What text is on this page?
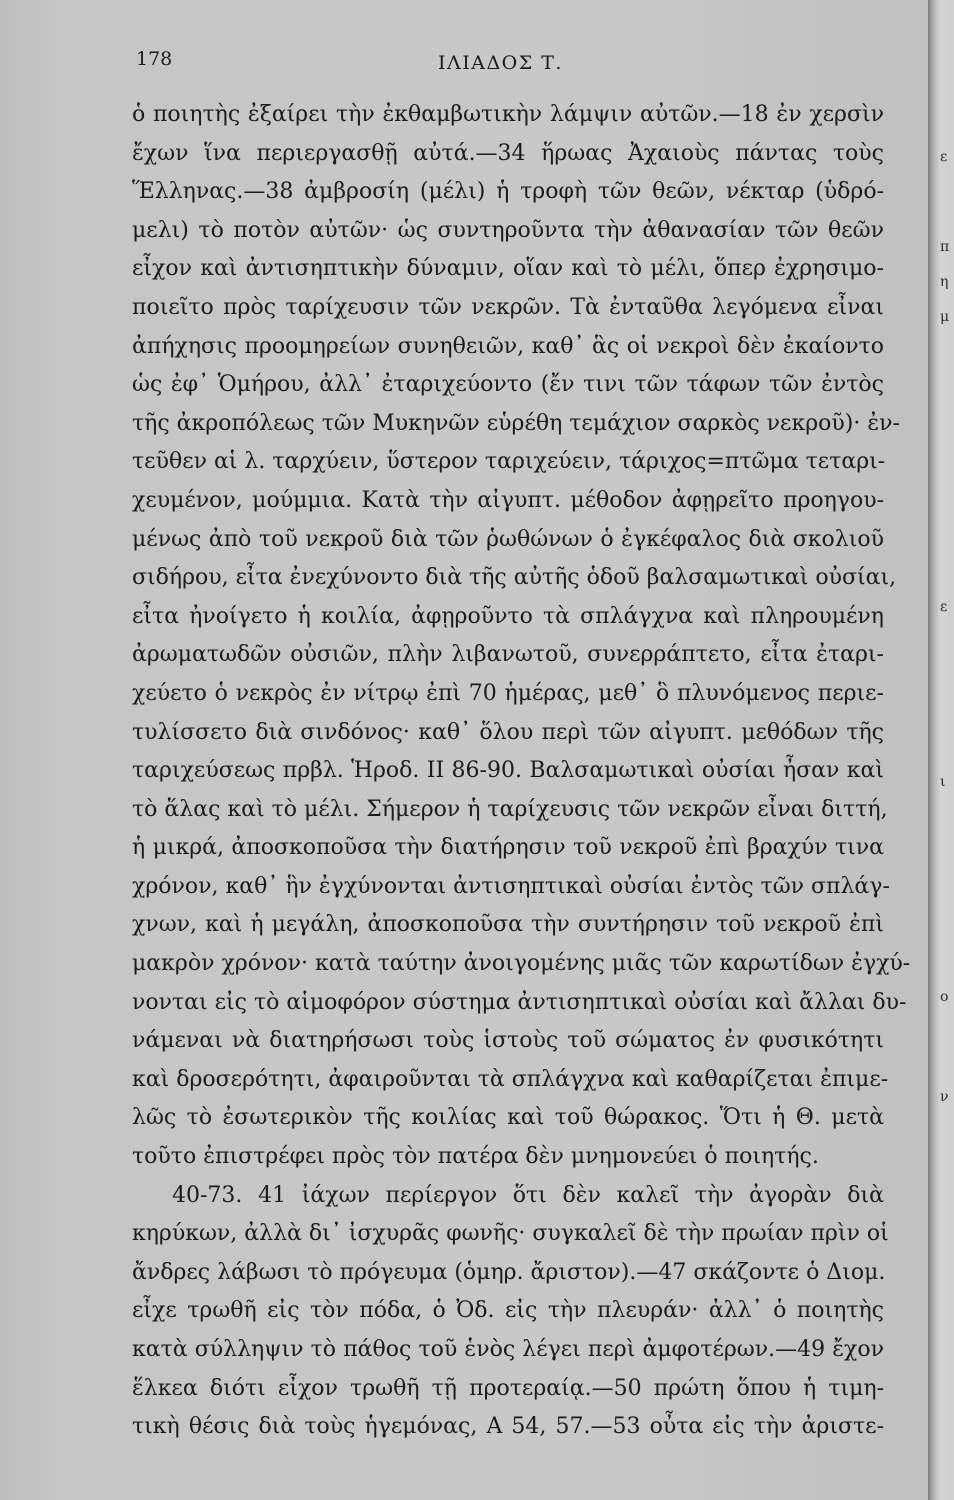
178	ΙΛΙΑΔΟΣ Τ.
ὁ ποιητὴς ἐξαίρει τὴν ἐκθαμβωτικὴν λάμψιν αὐτῶν.—18 ἐν χερσὶν
ἔχων ἵνα περιεργασθῇ αὐτά.—34 ἥρωας Ἀχαιοὺς πάντας τοὺς
Ἕλληνας.—38 ἀμβροσίη (μέλι) ἡ τροφὴ τῶν θεῶν, νέκταρ (ὑδρό-
μελι) τὸ ποτὸν αὐτῶν· ὡς συντηροῦντα τὴν ἀθανασίαν τῶν θεῶν
εἶχον καὶ ἀντισηπτικὴν δύναμιν, οἵαν καὶ τὸ μέλι, ὅπερ ἐχρησιμο-
ποιεῖτο πρὸς ταρίχευσιν τῶν νεκρῶν. Τὰ ἐνταῦθα λεγόμενα εἶναι
ἀπήχησις προομηρείων συνηθειῶν, καθ᾽ ἃς οἱ νεκροὶ δὲν ἐκαίοντο
ὡς ἐφ᾽ Ὁμήρου, ἀλλ᾽ ἐταριχεύοντο (ἔν τινι τῶν τάφων τῶν ἐντὸς
τῆς ἀκροπόλεως τῶν Μυκηνῶν εὑρέθη τεμάχιον σαρκὸς νεκροῦ)· ἐν-
τεῦθεν αἱ λ. ταρχύειν, ὕστερον ταριχεύειν, τάριχος=πτῶμα τεταρι-
χευμένον, μούμμια. Κατὰ τὴν αἰγυπτ. μέθοδον ἀφῃρεῖτο προηγου-
μένως ἀπὸ τοῦ νεκροῦ διὰ τῶν ῥωθώνων ὁ ἐγκέφαλος διὰ σκολιοῦ
σιδήρου, εἶτα ἐνεχύνοντο διὰ τῆς αὐτῆς ὁδοῦ βαλσαμωτικαὶ οὐσίαι,
εἶτα ἠνοίγετο ἡ κοιλία, ἀφῃροῦντο τὰ σπλάγχνα καὶ πληρουμένη
ἀρωματωδῶν οὐσιῶν, πλὴν λιβανωτοῦ, συνερράπτετο, εἶτα ἐταρι-
χεύετο ὁ νεκρὸς ἐν νίτρῳ ἐπὶ 70 ἡμέρας, μεθ᾽ ὃ πλυνόμενος περιε-
τυλίσσετο διὰ σινδόνος· καθ᾽ ὅλου περὶ τῶν αἰγυπτ. μεθόδων τῆς
ταριχεύσεως πρβλ. Ἡροδ. II 86-90. Βαλσαμωτικαὶ οὐσίαι ἦσαν καὶ
τὸ ἅλας καὶ τὸ μέλι. Σήμερον ἡ ταρίχευσις τῶν νεκρῶν εἶναι διττή,
ἡ μικρά, ἀποσκοποῦσα τὴν διατήρησιν τοῦ νεκροῦ ἐπὶ βραχύν τινα
χρόνον, καθ᾽ ἣν ἐγχύνονται ἀντισηπτικαὶ οὐσίαι ἐντὸς τῶν σπλάγ-
χνων, καὶ ἡ μεγάλη, ἀποσκοποῦσα τὴν συντήρησιν τοῦ νεκροῦ ἐπὶ
μακρὸν χρόνον· κατὰ ταύτην ἀνοιγομένης μιᾶς τῶν καρωτίδων ἐγχύ-
νονται εἰς τὸ αἱμοφόρον σύστημα ἀντισηπτικαὶ οὐσίαι καὶ ἄλλαι δυ-
νάμεναι νὰ διατηρήσωσι τοὺς ἱστοὺς τοῦ σώματος ἐν φυσικότητι
καὶ δροσερότητι, ἀφαιροῦνται τὰ σπλάγχνα καὶ καθαρίζεται ἐπιμε-
λῶς τὸ ἐσωτερικὸν τῆς κοιλίας καὶ τοῦ θώρακος. Ὅτι ἡ Θ. μετὰ
τοῦτο ἐπιστρέφει πρὸς τὸν πατέρα δὲν μνημονεύει ὁ ποιητής.
40-73. 41 ἰάχων περίεργον ὅτι δὲν καλεῖ τὴν ἀγορὰν διὰ
κηρύκων, ἀλλὰ δι᾽ ἰσχυρᾶς φωνῆς· συγκαλεῖ δὲ τὴν πρωίαν πρὶν οἱ
ἄνδρες λάβωσι τὸ πρόγευμα (ὁμηρ. ἄριστον).—47 σκάζοντε ὁ Διομ.
εἶχε τρωθῆ εἰς τὸν πόδα, ὁ Ὀδ. εἰς τὴν πλευράν· ἀλλ᾽ ὁ ποιητὴς
κατὰ σύλληψιν τὸ πάθος τοῦ ἑνὸς λέγει περὶ ἀμφοτέρων.—49 ἔχον
ἕλκεα διότι εἶχον τρωθῆ τῇ προτεραίᾳ.—50 πρώτη ὅπου ἡ τιμη-
τικὴ θέσις διὰ τοὺς ἡγεμόνας, Α 54, 57.—53 οὖτα εἰς τὴν ἀριστε-
ε
π
η
μ
ε
ι
ο
ν
